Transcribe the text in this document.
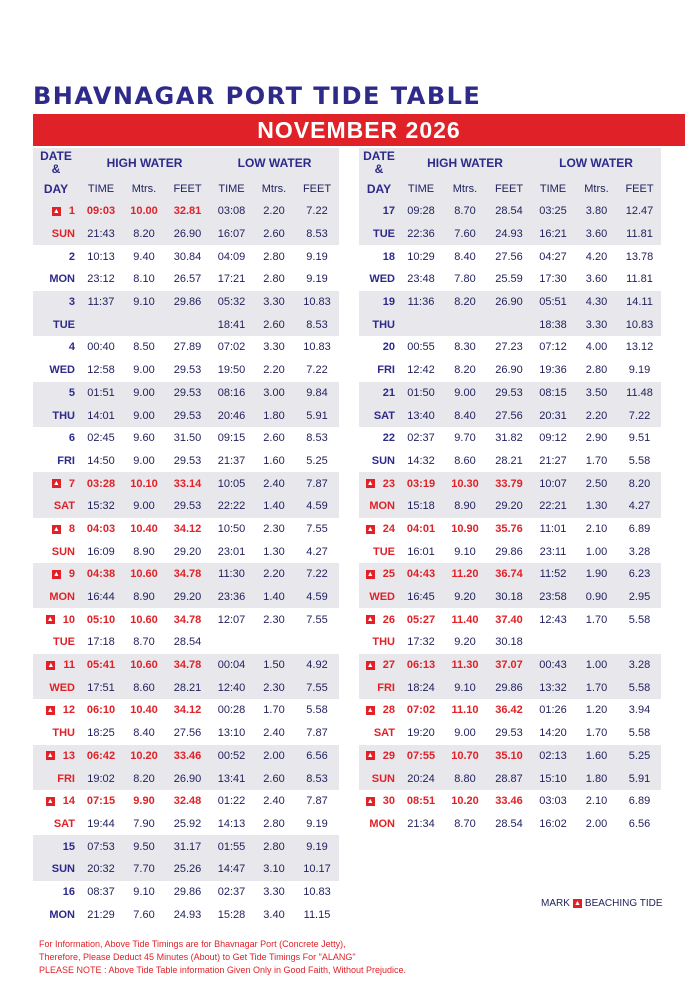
BHAVNAGAR PORT TIDE TABLE
NOVEMBER 2026
DATE
&	HIGH WATER			LOW WATER		
DAY	TIME	Mtrs.	FEET	TIME	Mtrs.	FEET
▲ 1	09:03	10.00	32.81	03:08	2.20	7.22
SUN	21:43	8.20	26.90	16:07	2.60	8.53
2	10:13	9.40	30.84	04:09	2.80	9.19
MON	23:12	8.10	26.57	17:21	2.80	9.19
3	11:37	9.10	29.86	05:32	3.30	10.83
TUE				18:41	2.60	8.53
4	00:40	8.50	27.89	07:02	3.30	10.83
WED	12:58	9.00	29.53	19:50	2.20	7.22
5	01:51	9.00	29.53	08:16	3.00	9.84
THU	14:01	9.00	29.53	20:46	1.80	5.91
6	02:45	9.60	31.50	09:15	2.60	8.53
FRI	14:50	9.00	29.53	21:37	1.60	5.25
▲ 7	03:28	10.10	33.14	10:05	2.40	7.87
SAT	15:32	9.00	29.53	22:22	1.40	4.59
▲ 8	04:03	10.40	34.12	10:50	2.30	7.55
SUN	16:09	8.90	29.20	23:01	1.30	4.27
▲ 9	04:38	10.60	34.78	11:30	2.20	7.22
MON	16:44	8.90	29.20	23:36	1.40	4.59
▲ 10	05:10	10.60	34.78	12:07	2.30	7.55
TUE	17:18	8.70	28.54			
▲ 11	05:41	10.60	34.78	00:04	1.50	4.92
WED	17:51	8.60	28.21	12:40	2.30	7.55
▲ 12	06:10	10.40	34.12	00:28	1.70	5.58
THU	18:25	8.40	27.56	13:10	2.40	7.87
▲ 13	06:42	10.20	33.46	00:52	2.00	6.56
FRI	19:02	8.20	26.90	13:41	2.60	8.53
▲ 14	07:15	9.90	32.48	01:22	2.40	7.87
SAT	19:44	7.90	25.92	14:13	2.80	9.19
15	07:53	9.50	31.17	01:55	2.80	9.19
SUN	20:32	7.70	25.26	14:47	3.10	10.17
16	08:37	9.10	29.86	02:37	3.30	10.83
MON	21:29	7.60	24.93	15:28	3.40	11.15
DATE
&	HIGH WATER			LOW WATER		
DAY	TIME	Mtrs.	FEET	TIME	Mtrs.	FEET
17	09:28	8.70	28.54	03:25	3.80	12.47
TUE	22:36	7.60	24.93	16:21	3.60	11.81
18	10:29	8.40	27.56	04:27	4.20	13.78
WED	23:48	7.80	25.59	17:30	3.60	11.81
19	11:36	8.20	26.90	05:51	4.30	14.11
THU				18:38	3.30	10.83
20	00:55	8.30	27.23	07:12	4.00	13.12
FRI	12:42	8.20	26.90	19:36	2.80	9.19
21	01:50	9.00	29.53	08:15	3.50	11.48
SAT	13:40	8.40	27.56	20:31	2.20	7.22
22	02:37	9.70	31.82	09:12	2.90	9.51
SUN	14:32	8.60	28.21	21:27	1.70	5.58
▲ 23	03:19	10.30	33.79	10:07	2.50	8.20
MON	15:18	8.90	29.20	22:21	1.30	4.27
▲ 24	04:01	10.90	35.76	11:01	2.10	6.89
TUE	16:01	9.10	29.86	23:11	1.00	3.28
▲ 25	04:43	11.20	36.74	11:52	1.90	6.23
WED	16:45	9.20	30.18	23:58	0.90	2.95
▲ 26	05:27	11.40	37.40	12:43	1.70	5.58
THU	17:32	9.20	30.18			
▲ 27	06:13	11.30	37.07	00:43	1.00	3.28
FRI	18:24	9.10	29.86	13:32	1.70	5.58
▲ 28	07:02	11.10	36.42	01:26	1.20	3.94
SAT	19:20	9.00	29.53	14:20	1.70	5.58
▲ 29	07:55	10.70	35.10	02:13	1.60	5.25
SUN	20:24	8.80	28.87	15:10	1.80	5.91
▲ 30	08:51	10.20	33.46	03:03	2.10	6.89
MON	21:34	8.70	28.54	16:02	2.00	6.56
MARK ▲ BEACHING TIDE
For Information, Above Tide Timings are for Bhavnagar Port (Concrete Jetty),
Therefore, Please Deduct 45 Minutes (About) to Get Tide Timings For "ALANG"
PLEASE NOTE : Above Tide Table information Given Only in Good Faith, Without Prejudice.
